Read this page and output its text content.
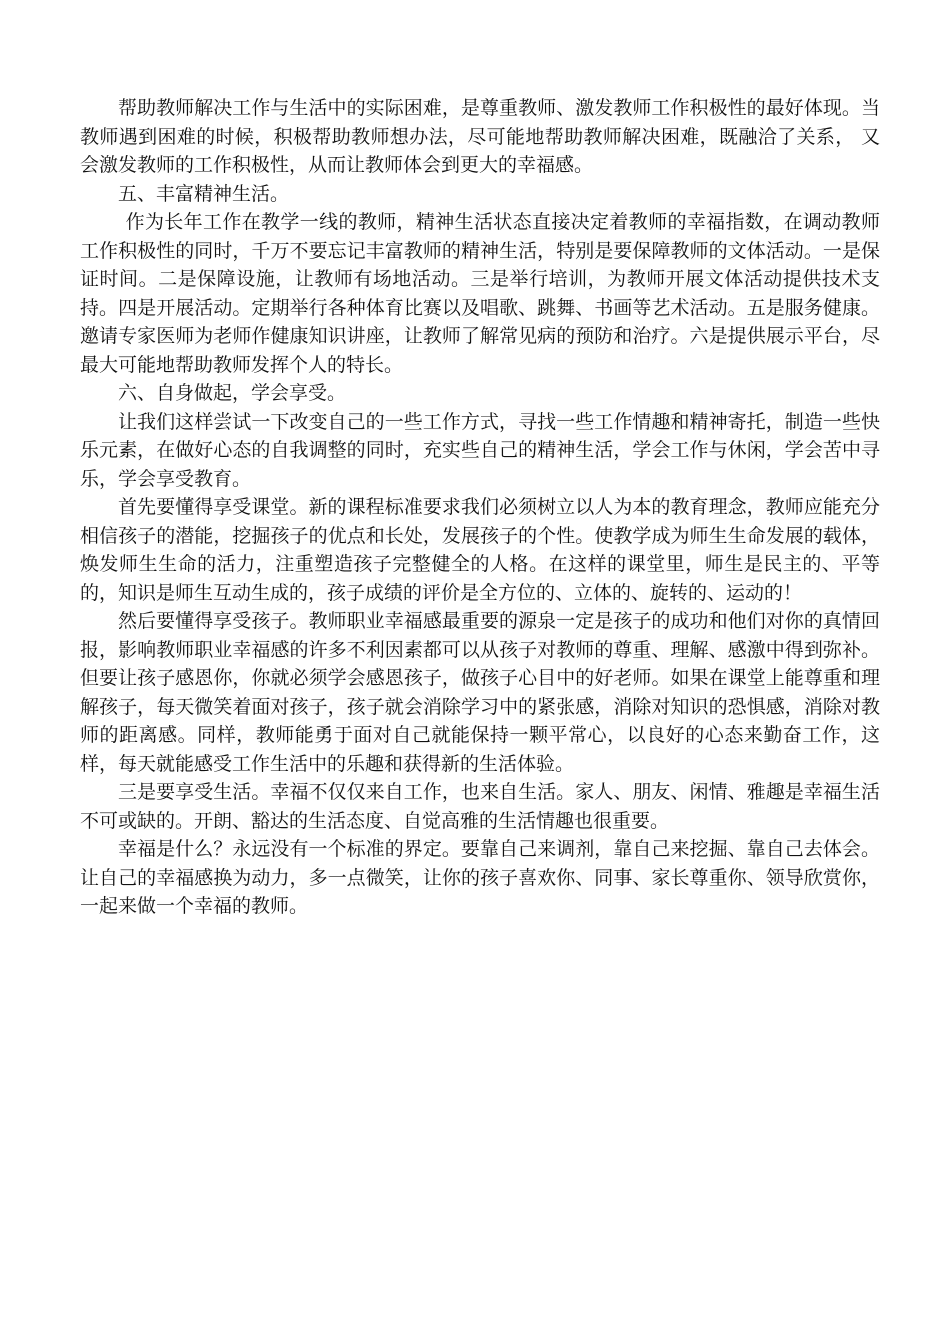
帮助教师解决工作与生活中的实际困难，是尊重教师、激发教师工作积极性的最好体现。当教师遇到困难的时候，积极帮助教师想办法，尽可能地帮助教师解决困难，既融洽了关系， 又会激发教师的工作积极性，从而让教师体会到更大的幸福感。

五、丰富精神生活。

作为长年工作在教学一线的教师，精神生活状态直接决定着教师的幸福指数，在调动教师工作积极性的同时，千万不要忘记丰富教师的精神生活，特别是要保障教师的文体活动。一是保证时间。二是保障设施，让教师有场地活动。三是举行培训，为教师开展文体活动提供技术支持。四是开展活动。定期举行各种体育比赛以及唱歌、跳舞、书画等艺术活动。五是服务健康。邀请专家医师为老师作健康知识讲座，让教师了解常见病的预防和治疗。六是提供展示平台，尽最大可能地帮助教师发挥个人的特长。

六、自身做起，学会享受。

让我们这样尝试一下改变自己的一些工作方式，寻找一些工作情趣和精神寄托，制造一些快乐元素，在做好心态的自我调整的同时，充实些自己的精神生活，学会工作与休闲，学会苦中寻乐，学会享受教育。

首先要懂得享受课堂。新的课程标准要求我们必须树立以人为本的教育理念，教师应能充分相信孩子的潜能，挖掘孩子的优点和长处，发展孩子的个性。使教学成为师生生命发展的载体，焕发师生生命的活力，注重塑造孩子完整健全的人格。在这样的课堂里，师生是民主的、平等的，知识是师生互动生成的，孩子成绩的评价是全方位的、立体的、旋转的、运动的！

然后要懂得享受孩子。教师职业幸福感最重要的源泉一定是孩子的成功和他们对你的真情回报，影响教师职业幸福感的许多不利因素都可以从孩子对教师的尊重、理解、感激中得到弥补。但要让孩子感恩你，你就必须学会感恩孩子，做孩子心目中的好老师。如果在课堂上能尊重和理解孩子，每天微笑着面对孩子，孩子就会消除学习中的紧张感，消除对知识的恐惧感，消除对教师的距离感。同样，教师能勇于面对自己就能保持一颗平常心，以良好的心态来勤奋工作，这样，每天就能感受工作生活中的乐趣和获得新的生活体验。

三是要享受生活。幸福不仅仅来自工作，也来自生活。家人、朋友、闲情、雅趣是幸福生活不可或缺的。开朗、豁达的生活态度、自觉高雅的生活情趣也很重要。

幸福是什么？永远没有一个标准的界定。要靠自己来调剂，靠自己来挖掘、靠自己去体会。让自己的幸福感换为动力，多一点微笑，让你的孩子喜欢你、同事、家长尊重你、领导欣赏你，一起来做一个幸福的教师。
